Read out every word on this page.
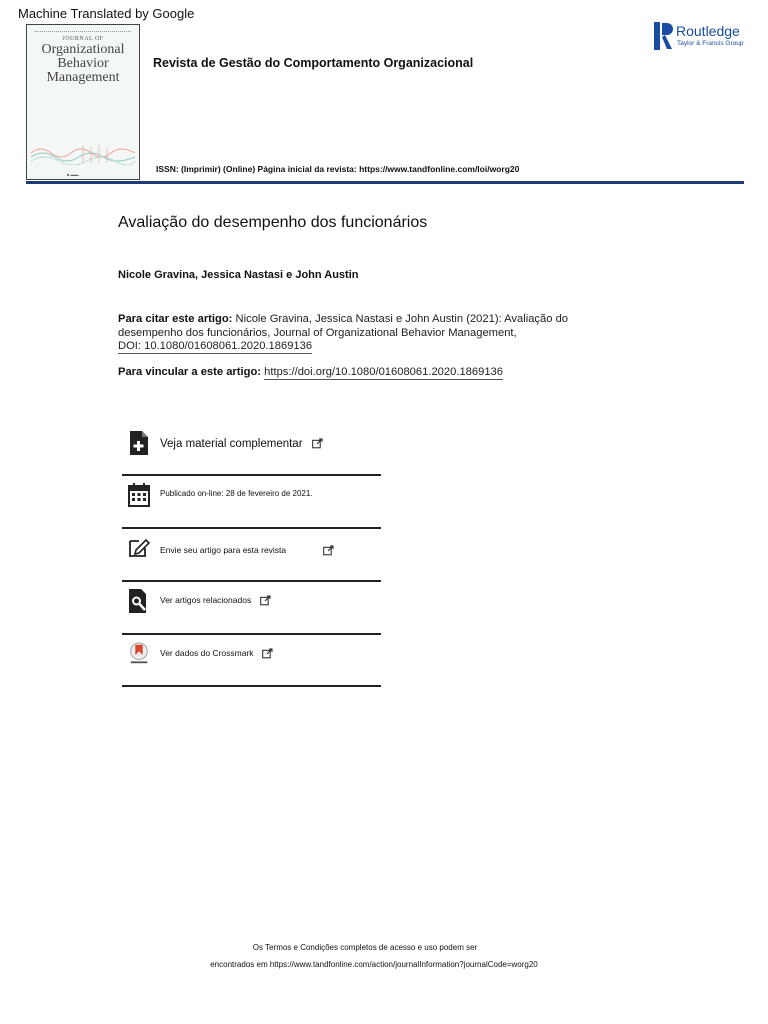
Machine Translated by Google
JOURNAL OF
Organizational
Behavior
Management
■ ▬▬
Revista de Gestão do Comportamento Organizacional
ISSN: (Imprimir) (Online) Página inicial da revista: https://www.tandfonline.com/loi/worg20
Routledge
Taylor & Francis Group
Avaliação do desempenho dos funcionários
Nicole Gravina, Jessica Nastasi e John Austin
Para citar este artigo: Nicole Gravina, Jessica Nastasi e John Austin (2021): Avaliação do desempenho dos funcionários, Journal of Organizational Behavior Management,
DOI: 10.1080/01608061.2020.1869136
Para vincular a este artigo: https://doi.org/10.1080/01608061.2020.1869136
Veja material complementar
Publicado on-line: 28 de fevereiro de 2021.
Envie seu artigo para esta revista
Ver artigos relacionados
Ver dados do Crossmark
Os Termos e Condições completos de acesso e uso podem ser
encontrados em https://www.tandfonline.com/action/journalInformation?journalCode=worg20
